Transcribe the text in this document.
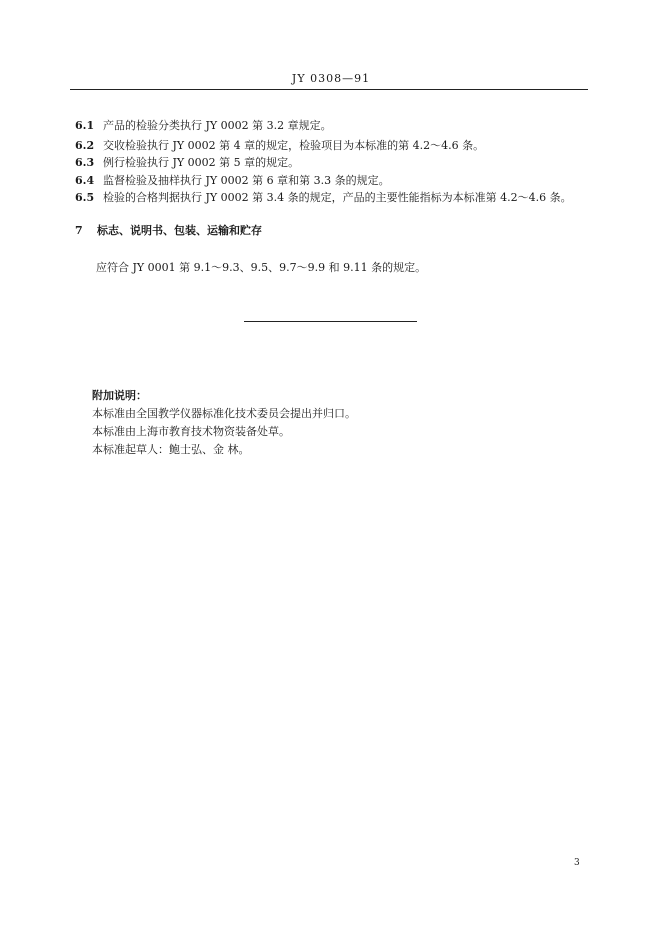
JY 0308—91
6.1 产品的检验分类执行 JY 0002 第 3.2 章规定。
6.2 交收检验执行 JY 0002 第 4 章的规定，检验项目为本标准的第 4.2～4.6 条。
6.3 例行检验执行 JY 0002 第 5 章的规定。
6.4 监督检验及抽样执行 JY 0002 第 6 章和第 3.3 条的规定。
6.5 检验的合格判据执行 JY 0002 第 3.4 条的规定，产品的主要性能指标为本标准第 4.2～4.6 条。
7 标志、说明书、包装、运输和贮存
应符合 JY 0001 第 9.1～9.3、9.5、9.7～9.9 和 9.11 条的规定。
附加说明：
本标准由全国教学仪器标准化技术委员会提出并归口。
本标准由上海市教育技术物资装备处草。
本标准起草人：鲍士弘、金 林。
3
